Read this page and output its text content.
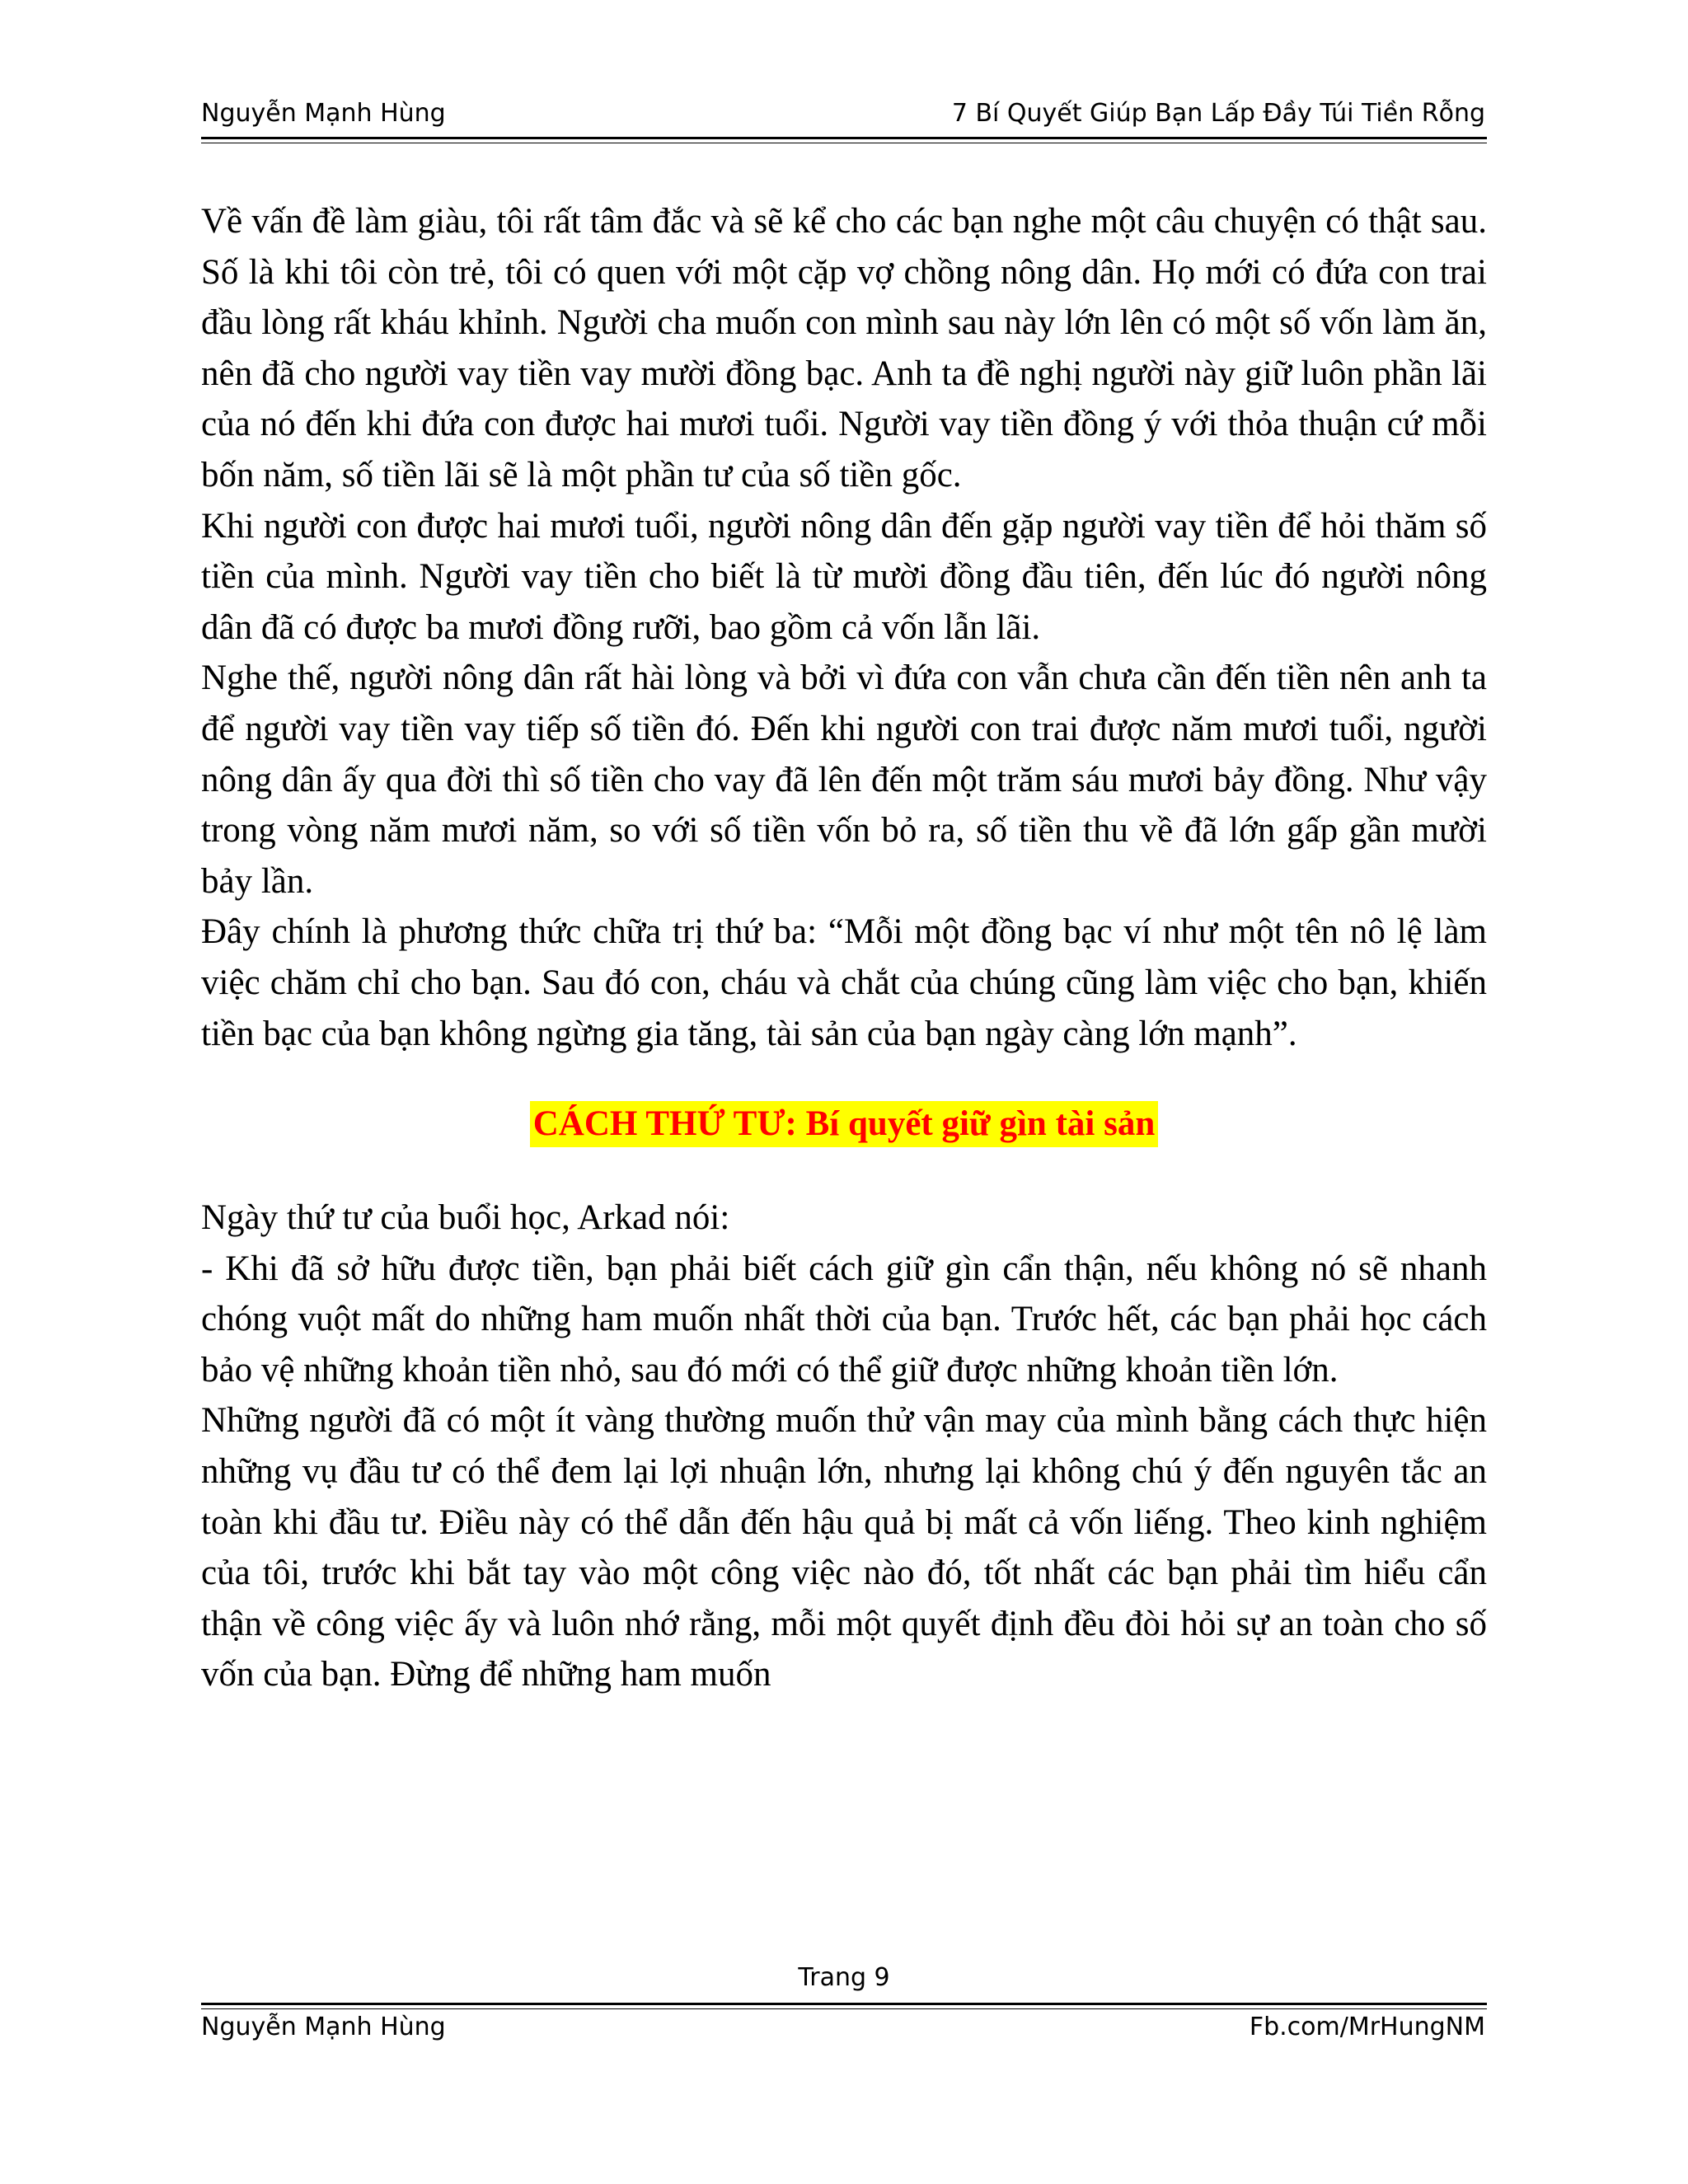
Nguyễn Mạnh Hùng	7 Bí Quyết Giúp Bạn Lấp Đầy Túi Tiền Rỗng

Về vấn đề làm giàu, tôi rất tâm đắc và sẽ kể cho các bạn nghe một câu chuyện có thật sau. Số là khi tôi còn trẻ, tôi có quen với một cặp vợ chồng nông dân. Họ mới có đứa con trai đầu lòng rất kháu khỉnh. Người cha muốn con mình sau này lớn lên có một số vốn làm ăn, nên đã cho người vay tiền vay mười đồng bạc. Anh ta đề nghị người này giữ luôn phần lãi của nó đến khi đứa con được hai mươi tuổi. Người vay tiền đồng ý với thỏa thuận cứ mỗi bốn năm, số tiền lãi sẽ là một phần tư của số tiền gốc.

Khi người con được hai mươi tuổi, người nông dân đến gặp người vay tiền để hỏi thăm số tiền của mình. Người vay tiền cho biết là từ mười đồng đầu tiên, đến lúc đó người nông dân đã có được ba mươi đồng rưỡi, bao gồm cả vốn lẫn lãi.

Nghe thế, người nông dân rất hài lòng và bởi vì đứa con vẫn chưa cần đến tiền nên anh ta để người vay tiền vay tiếp số tiền đó. Đến khi người con trai được năm mươi tuổi, người nông dân ấy qua đời thì số tiền cho vay đã lên đến một trăm sáu mươi bảy đồng. Như vậy trong vòng năm mươi năm, so với số tiền vốn bỏ ra, số tiền thu về đã lớn gấp gần mười bảy lần.

Đây chính là phương thức chữa trị thứ ba: “Mỗi một đồng bạc ví như một tên nô lệ làm việc chăm chỉ cho bạn. Sau đó con, cháu và chắt của chúng cũng làm việc cho bạn, khiến tiền bạc của bạn không ngừng gia tăng, tài sản của bạn ngày càng lớn mạnh”.

CÁCH THỨ TƯ: Bí quyết giữ gìn tài sản

Ngày thứ tư của buổi học, Arkad nói:

- Khi đã sở hữu được tiền, bạn phải biết cách giữ gìn cẩn thận, nếu không nó sẽ nhanh chóng vuột mất do những ham muốn nhất thời của bạn. Trước hết, các bạn phải học cách bảo vệ những khoản tiền nhỏ, sau đó mới có thể giữ được những khoản tiền lớn.

Những người đã có một ít vàng thường muốn thử vận may của mình bằng cách thực hiện những vụ đầu tư có thể đem lại lợi nhuận lớn, nhưng lại không chú ý đến nguyên tắc an toàn khi đầu tư. Điều này có thể dẫn đến hậu quả bị mất cả vốn liếng. Theo kinh nghiệm của tôi, trước khi bắt tay vào một công việc nào đó, tốt nhất các bạn phải tìm hiểu cẩn thận về công việc ấy và luôn nhớ rằng, mỗi một quyết định đều đòi hỏi sự an toàn cho số vốn của bạn. Đừng để những ham muốn

Trang 9
Nguyễn Mạnh Hùng	Fb.com/MrHungNM
